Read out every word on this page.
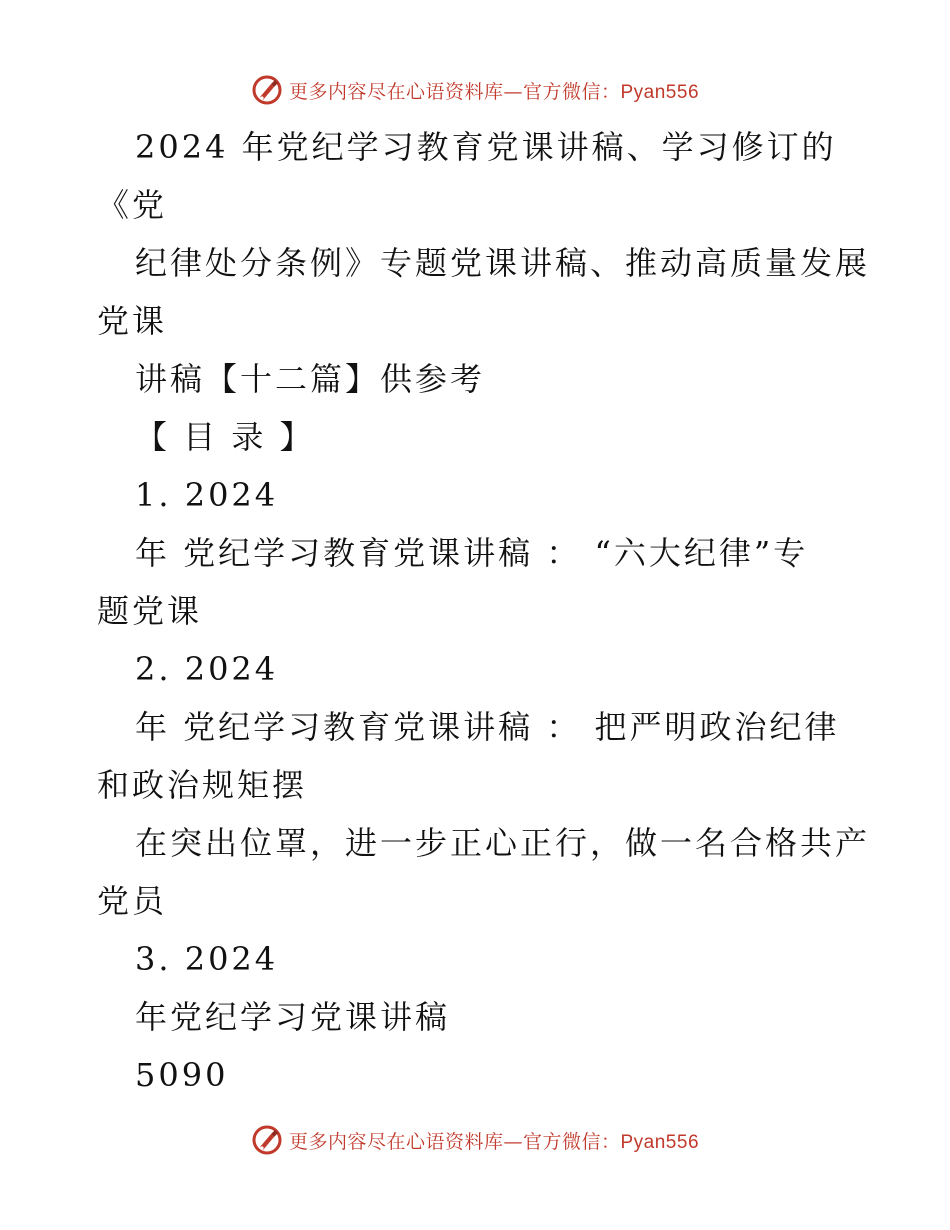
更多内容尽在心语资料库—官方微信：Pyan556
2024 年党纪学习教育党课讲稿、学习修订的
《党
纪律处分条例》专题党课讲稿、推动高质量发展
党课
讲稿【十二篇】供参考
【 目 录 】
1. 2024
年 党纪学习教育党课讲稿 ： “六大纪律”专
题党课
2. 2024
年 党纪学习教育党课讲稿 ： 把严明政治纪律
和政治规矩摆
在突出位罩，进一步正心正行，做一名合格共产
党员
3. 2024
年党纪学习党课讲稿
5090
更多内容尽在心语资料库—官方微信：Pyan556
